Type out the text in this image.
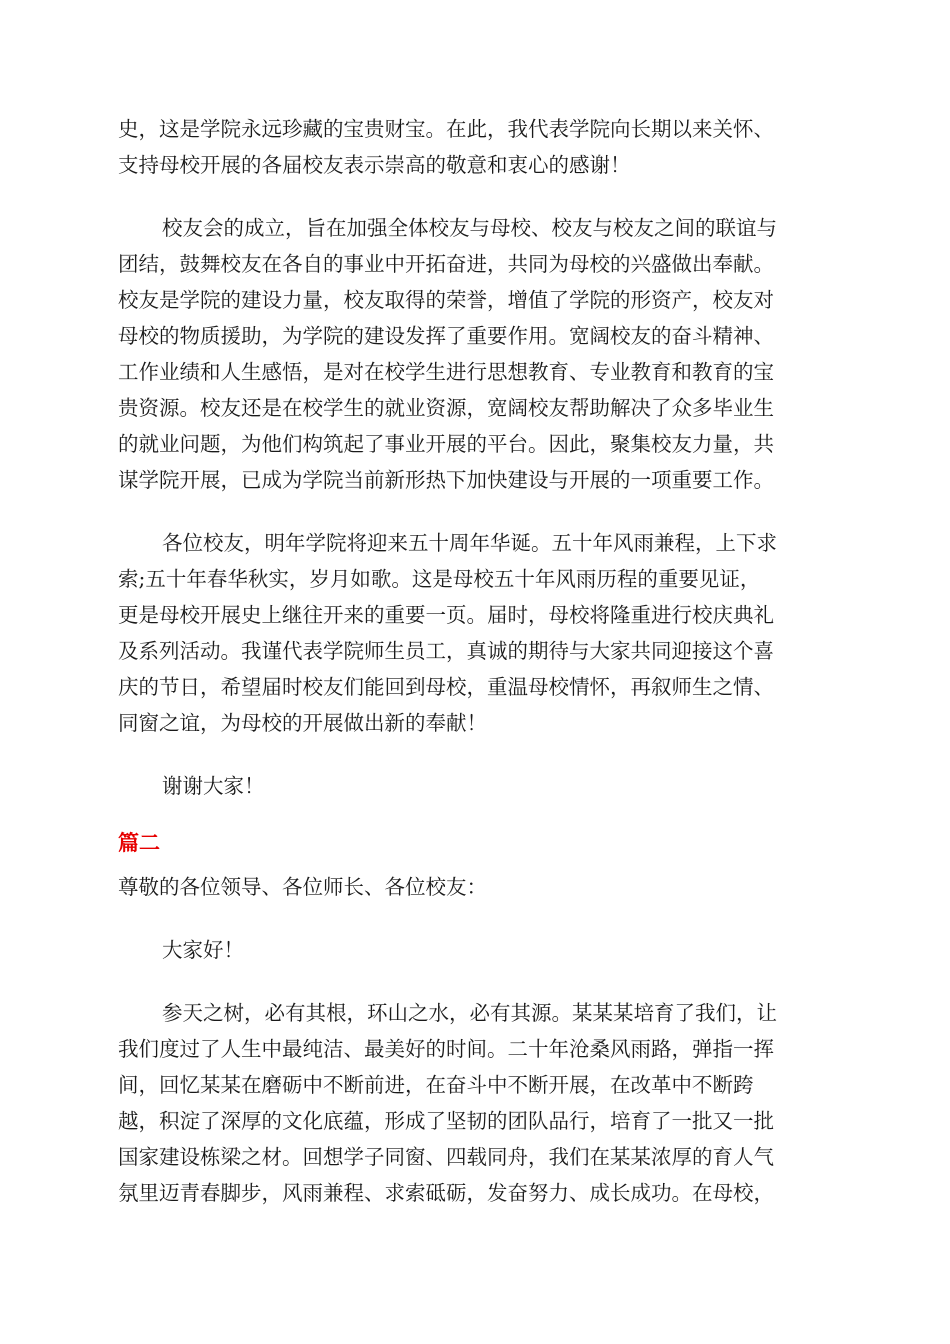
史，这是学院永远珍藏的宝贵财宝。在此，我代表学院向长期以来关怀、
支持母校开展的各届校友表示崇高的敬意和衷心的感谢！
校友会的成立，旨在加强全体校友与母校、校友与校友之间的联谊与
团结，鼓舞校友在各自的事业中开拓奋进，共同为母校的兴盛做出奉献。
校友是学院的建设力量，校友取得的荣誉，增值了学院的形资产，校友对
母校的物质援助，为学院的建设发挥了重要作用。宽阔校友的奋斗精神、
工作业绩和人生感悟，是对在校学生进行思想教育、专业教育和教育的宝
贵资源。校友还是在校学生的就业资源，宽阔校友帮助解决了众多毕业生
的就业问题，为他们构筑起了事业开展的平台。因此，聚集校友力量，共
谋学院开展，已成为学院当前新形热下加快建设与开展的一项重要工作。
各位校友，明年学院将迎来五十周年华诞。五十年风雨兼程，上下求
索;五十年春华秋实，岁月如歌。这是母校五十年风雨历程的重要见证，
更是母校开展史上继往开来的重要一页。届时，母校将隆重进行校庆典礼
及系列活动。我谨代表学院师生员工，真诚的期待与大家共同迎接这个喜
庆的节日，希望届时校友们能回到母校，重温母校情怀，再叙师生之情、
同窗之谊，为母校的开展做出新的奉献！
谢谢大家！
篇二
尊敬的各位领导、各位师长、各位校友：
大家好！
参天之树，必有其根，环山之水，必有其源。某某某培育了我们，让
我们度过了人生中最纯洁、最美好的时间。二十年沧桑风雨路，弹指一挥
间，回忆某某在磨砺中不断前进，在奋斗中不断开展，在改革中不断跨
越，积淀了深厚的文化底蕴，形成了坚韧的团队品行，培育了一批又一批
国家建设栋梁之材。回想学子同窗、四载同舟，我们在某某浓厚的育人气
氛里迈青春脚步，风雨兼程、求索砥砺，发奋努力、成长成功。在母校，
